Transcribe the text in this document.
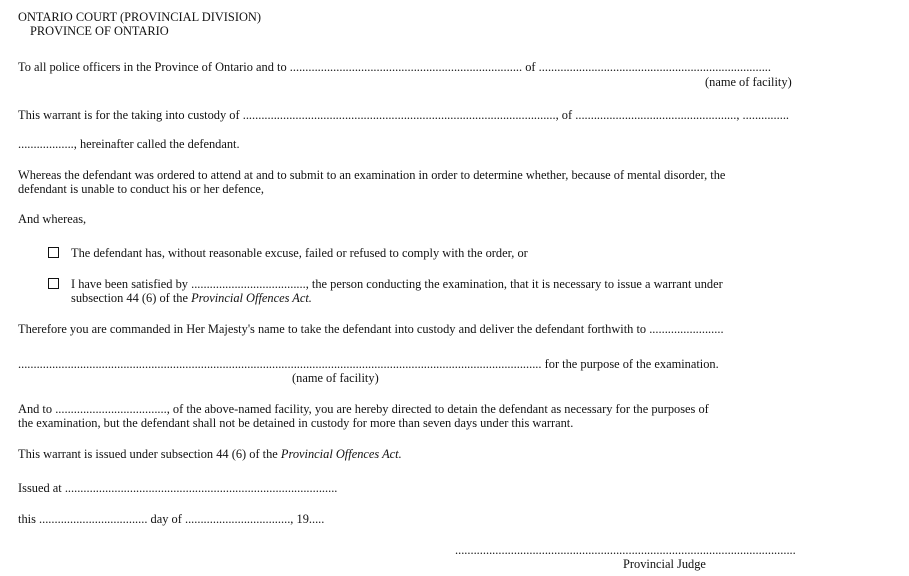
ONTARIO COURT (PROVINCIAL DIVISION)
PROVINCE OF ONTARIO
To all police officers in the Province of Ontario and to ........................................................................... of ...........................................................................
(name of facility)
This warrant is for the taking into custody of ....................................................................................................., of ...................................................., ...............
.................., hereinafter called the defendant.
Whereas the defendant was ordered to attend at and to submit to an examination in order to determine whether, because of mental disorder, the
defendant is unable to conduct his or her defence,
And whereas,
The defendant has, without reasonable excuse, failed or refused to comply with the order, or
I have been satisfied by ....................................., the person conducting the examination, that it is necessary to issue a warrant under
subsection 44 (6) of the Provincial Offences Act.
Therefore you are commanded in Her Majesty's name to take the defendant into custody and deliver the defendant forthwith to ........................
......................................................................................................................................................................... for the purpose of the examination.
(name of facility)
And to ...................................., of the above-named facility, you are hereby directed to detain the defendant as necessary for the purposes of
the examination, but the defendant shall not be detained in custody for more than seven days under this warrant.
This warrant is issued under subsection 44 (6) of the Provincial Offences Act.
Issued at ........................................................................................
this ................................... day of .................................., 19.....
..............................................................................................................
Provincial Judge
